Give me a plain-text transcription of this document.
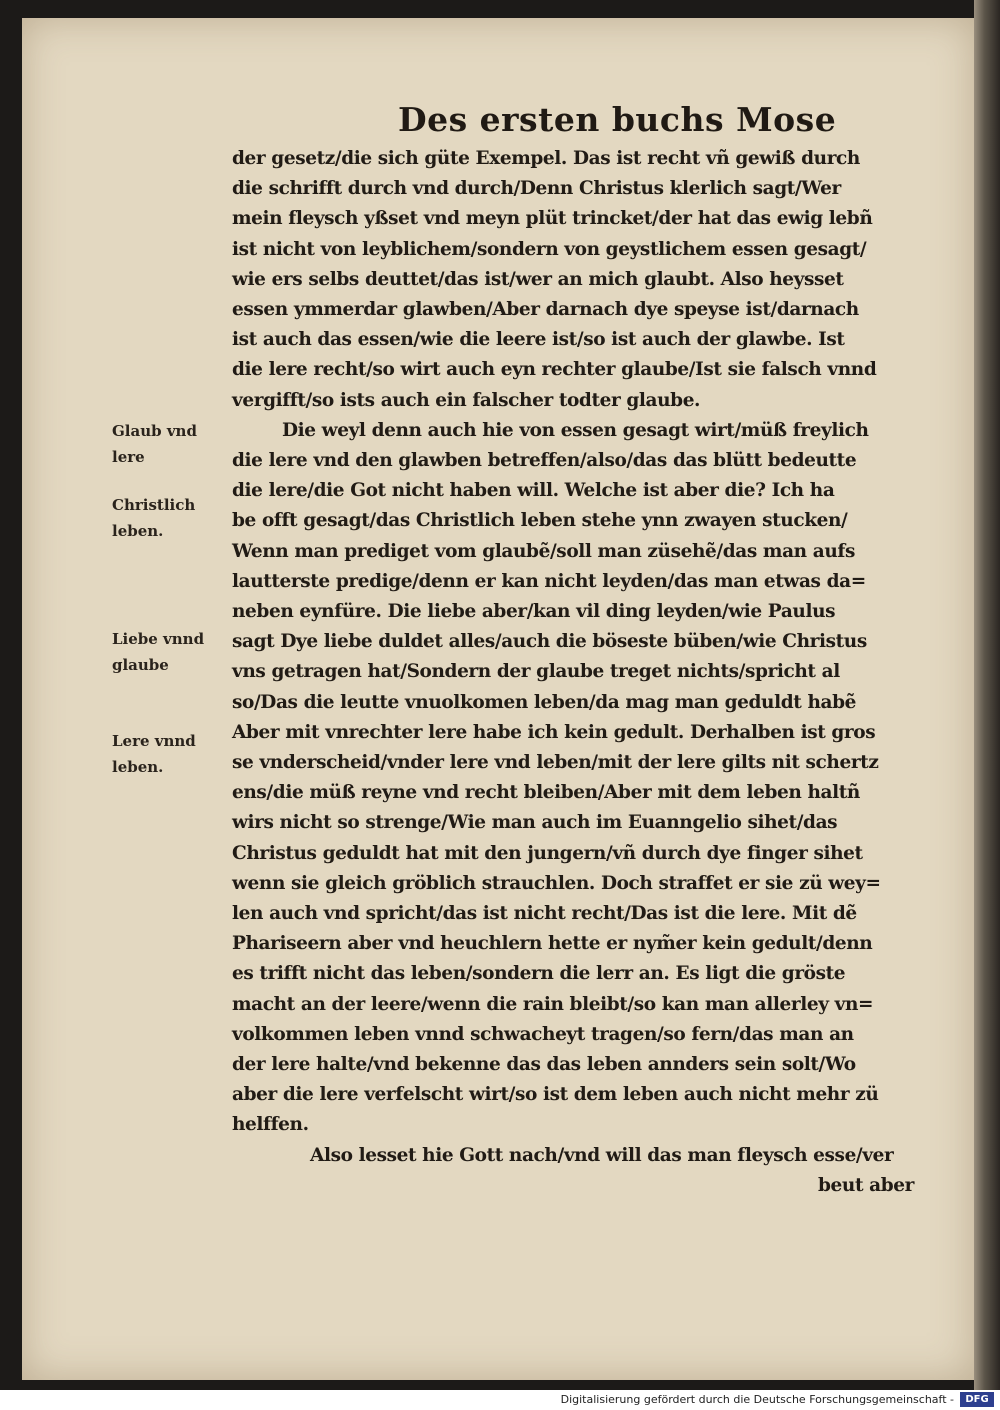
Des ersten buchs Mose
der gesetz/die sich güte Exempel. Das ist recht vñ gewiß durch
die schrifft durch vnd durch/Denn Christus klerlich sagt/Wer
mein fleysch yßset vnd meyn plüt trincket/der hat das ewig lebñ
ist nicht von leyblichem/sondern von geystlichem essen gesagt/
wie ers selbs deuttet/das ist/wer an mich glaubt. Also heysset
essen ymmerdar glawben/Aber darnach dye speyse ist/darnach
ist auch das essen/wie die leere ist/so ist auch der glawbe. Ist
die lere recht/so wirt auch eyn rechter glaube/Ist sie falsch vnnd
vergifft/so ists auch ein falscher todter glaube.
Die weyl denn auch hie von essen gesagt wirt/müß freylich
die lere vnd den glawben betreffen/also/das das blütt bedeutte
die lere/die Got nicht haben will. Welche ist aber die? Ich ha
be offt gesagt/das Christlich leben stehe ynn zwayen stucken/
Wenn man prediget vom glaubẽ/soll man züsehẽ/das man aufs
lautterste predige/denn er kan nicht leyden/das man etwas da=
neben eynfüre. Die liebe aber/kan vil ding leyden/wie Paulus
sagt Dye liebe duldet alles/auch die böseste büben/wie Christus
vns getragen hat/Sondern der glaube treget nichts/spricht al
so/Das die leutte vnuolkomen leben/da mag man geduldt habẽ
Aber mit vnrechter lere habe ich kein gedult. Derhalben ist gros
se vnderscheid/vnder lere vnd leben/mit der lere gilts nit schertz
ens/die müß reyne vnd recht bleiben/Aber mit dem leben haltñ
wirs nicht so strenge/Wie man auch im Euanngelio sihet/das
Christus geduldt hat mit den jungern/vñ durch dye finger sihet
wenn sie gleich gröblich strauchlen. Doch straffet er sie zü wey=
len auch vnd spricht/das ist nicht recht/Das ist die lere. Mit dẽ
Phariseern aber vnd heuchlern hette er nym̃er kein gedult/denn
es trifft nicht das leben/sondern die lerr an. Es ligt die gröste
macht an der leere/wenn die rain bleibt/so kan man allerley vn=
volkommen leben vnnd schwacheyt tragen/so fern/das man an
der lere halte/vnd bekenne das das leben annders sein solt/Wo
aber die lere verfelscht wirt/so ist dem leben auch nicht mehr zü
helffen.
Also lesset hie Gott nach/vnd will das man fleysch esse/ver
beut aber
Glaub vnd
lere
Christlich
leben.
Liebe vnnd
glaube
Lere vnnd
leben.
Digitalisierung gefördert durch die Deutsche Forschungsgemeinschaft -	DFG
